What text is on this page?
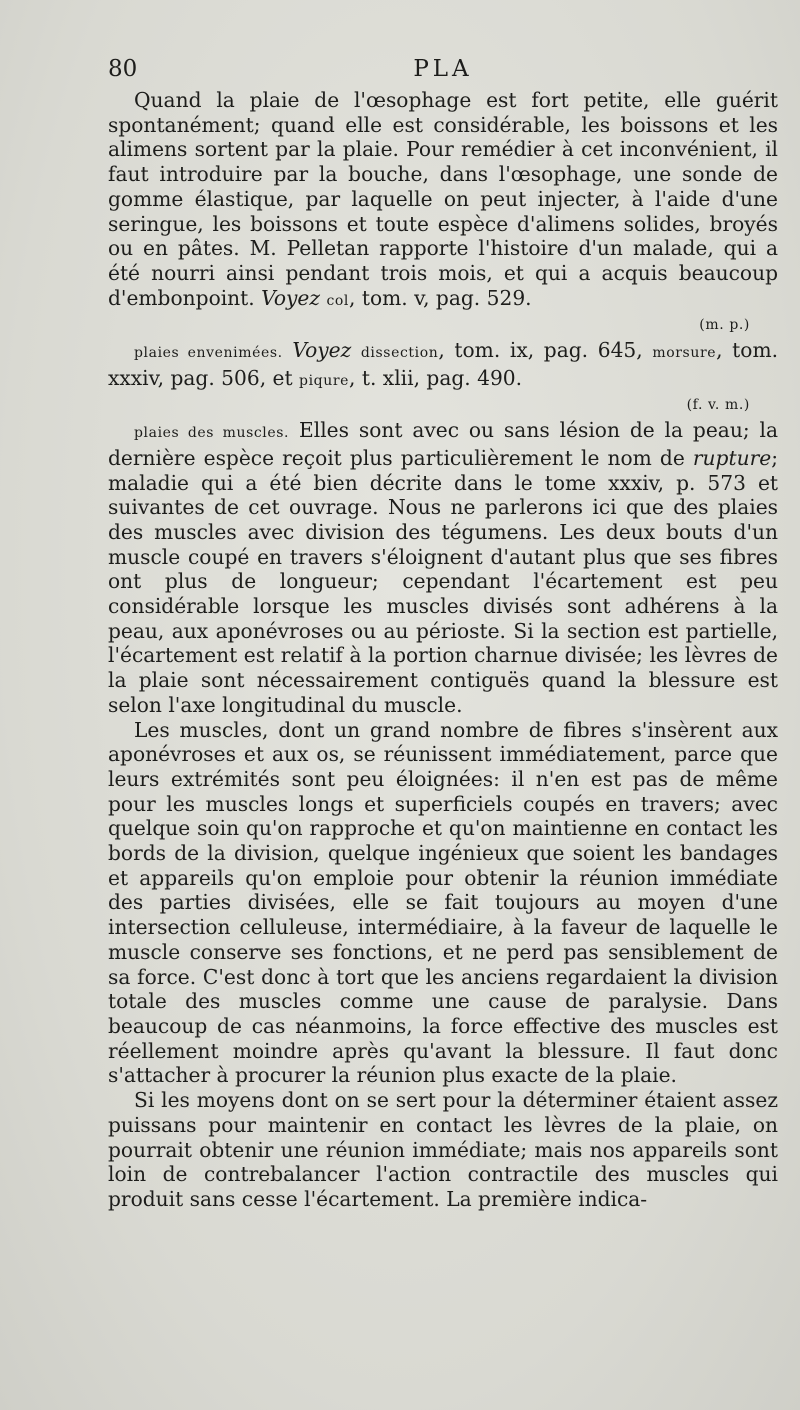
80	PLA

Quand la plaie de l'œsophage est fort petite, elle guérit spontanément; quand elle est considérable, les boissons et les alimens sortent par la plaie. Pour remédier à cet inconvénient, il faut introduire par la bouche, dans l'œsophage, une sonde de gomme élastique, par laquelle on peut injecter, à l'aide d'une seringue, les boissons et toute espèce d'alimens solides, broyés ou en pâtes. M. Pelletan rapporte l'histoire d'un malade, qui a été nourri ainsi pendant trois mois, et qui a acquis beaucoup d'embonpoint. Voyez col, tom. v, pag. 529.

(m. p.)

plaies envenimées. Voyez dissection, tom. ix, pag. 645, morsure, tom. xxxiv, pag. 506, et piqure, t. xlii, pag. 490.

(f. v. m.)

plaies des muscles. Elles sont avec ou sans lésion de la peau; la dernière espèce reçoit plus particulièrement le nom de rupture; maladie qui a été bien décrite dans le tome xxxiv, p. 573 et suivantes de cet ouvrage. Nous ne parlerons ici que des plaies des muscles avec division des tégumens. Les deux bouts d'un muscle coupé en travers s'éloignent d'autant plus que ses fibres ont plus de longueur; cependant l'écartement est peu considérable lorsque les muscles divisés sont adhérens à la peau, aux aponévroses ou au périoste. Si la section est partielle, l'écartement est relatif à la portion charnue divisée; les lèvres de la plaie sont nécessairement contiguës quand la blessure est selon l'axe longitudinal du muscle.

Les muscles, dont un grand nombre de fibres s'insèrent aux aponévroses et aux os, se réunissent immédiatement, parce que leurs extrémités sont peu éloignées: il n'en est pas de même pour les muscles longs et superficiels coupés en travers; avec quelque soin qu'on rapproche et qu'on maintienne en contact les bords de la division, quelque ingénieux que soient les bandages et appareils qu'on emploie pour obtenir la réunion immédiate des parties divisées, elle se fait toujours au moyen d'une intersection celluleuse, intermédiaire, à la faveur de laquelle le muscle conserve ses fonctions, et ne perd pas sensiblement de sa force. C'est donc à tort que les anciens regardaient la division totale des muscles comme une cause de paralysie. Dans beaucoup de cas néanmoins, la force effective des muscles est réellement moindre après qu'avant la blessure. Il faut donc s'attacher à procurer la réunion plus exacte de la plaie.

Si les moyens dont on se sert pour la déterminer étaient assez puissans pour maintenir en contact les lèvres de la plaie, on pourrait obtenir une réunion immédiate; mais nos appareils sont loin de contrebalancer l'action contractile des muscles qui produit sans cesse l'écartement. La première indica-
